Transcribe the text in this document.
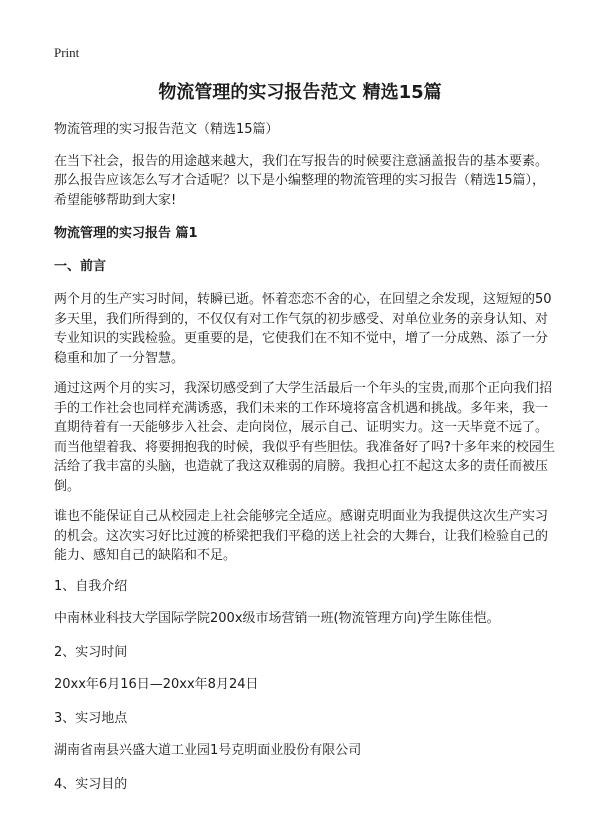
Print
物流管理的实习报告范文 精选15篇

物流管理的实习报告范文（精选15篇）

在当下社会，报告的用途越来越大，我们在写报告的时候要注意涵盖报告的基本要素。那么报告应该怎么写才合适呢？以下是小编整理的物流管理的实习报告（精选15篇），希望能够帮助到大家!

物流管理的实习报告 篇1

一、前言

两个月的生产实习时间，转瞬已逝。怀着恋恋不舍的心，在回望之余发现，这短短的50多天里，我们所得到的，不仅仅有对工作气氛的初步感受、对单位业务的亲身认知、对专业知识的实践检验。更重要的是，它使我们在不知不觉中，增了一分成熟、添了一分稳重和加了一分智慧。

通过这两个月的实习，我深切感受到了大学生活最后一个年头的宝贵,而那个正向我们招手的工作社会也同样充满诱惑，我们未来的工作环境将富含机遇和挑战。多年来，我一直期待着有一天能够步入社会、走向岗位，展示自己、证明实力。这一天毕竟不远了。而当他望着我、将要拥抱我的时候，我似乎有些胆怯。我准备好了吗?十多年来的校园生活给了我丰富的头脑，也造就了我这双稚弱的肩膀。我担心扛不起这太多的责任而被压倒。

谁也不能保证自己从校园走上社会能够完全适应。感谢克明面业为我提供这次生产实习的机会。这次实习好比过渡的桥梁把我们平稳的送上社会的大舞台，让我们检验自己的能力、感知自己的缺陷和不足。

1、自我介绍

中南林业科技大学国际学院200x级市场营销一班(物流管理方向)学生陈佳恺。

2、实习时间

20xx年6月16日—20xx年8月24日

3、实习地点

湖南省南县兴盛大道工业园1号克明面业股份有限公司

4、实习目的
